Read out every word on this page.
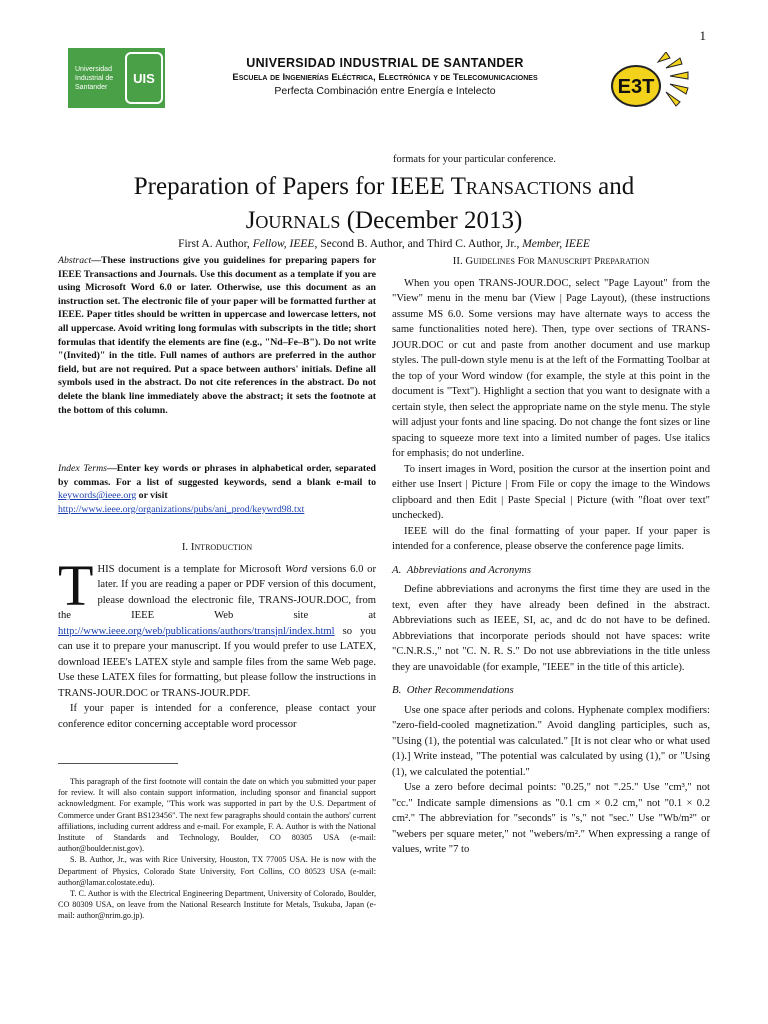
1
Universidad Industrial de Santander
UIS
UNIVERSIDAD INDUSTRIAL DE SANTANDER
Escuela de Ingenierías Eléctrica, Electrónica y de Telecomunicaciones
Perfecta Combinación entre Energía e Intelecto	E3T
formats for your particular conference.
Preparation of Papers for IEEE Transactions and
Journals (December 2013)
First A. Author, Fellow, IEEE, Second B. Author, and Third C. Author, Jr., Member, IEEE
Abstract—These instructions give you guidelines for preparing papers for IEEE Transactions and Journals. Use this document as a template if you are using Microsoft Word 6.0 or later. Otherwise, use this document as an instruction set. The electronic file of your paper will be formatted further at IEEE. Paper titles should be written in uppercase and lowercase letters, not all uppercase. Avoid writing long formulas with subscripts in the title; short formulas that identify the elements are fine (e.g., "Nd–Fe–B"). Do not write "(Invited)" in the title. Full names of authors are preferred in the author field, but are not required. Put a space between authors' initials. Define all symbols used in the abstract. Do not cite references in the abstract. Do not delete the blank line immediately above the abstract; it sets the footnote at the bottom of this column.
Index Terms—Enter key words or phrases in alphabetical order, separated by commas. For a list of suggested keywords, send a blank e-mail to keywords@ieee.org or visit
http://www.ieee.org/organizations/pubs/ani_prod/keywrd98.txt
I. Introduction

THIS document is a template for Microsoft Word versions 6.0 or later. If you are reading a paper or PDF version of this document, please download the electronic file, TRANS-JOUR.DOC, from the IEEE Web site at http://www.ieee.org/web/publications/authors/transjnl/index.html so you can use it to prepare your manuscript. If you would prefer to use LATEX, download IEEE's LATEX style and sample files from the same Web page. Use these LATEX files for formatting, but please follow the instructions in TRANS-JOUR.DOC or TRANS-JOUR.PDF.

If your paper is intended for a conference, please contact your conference editor concerning acceptable word processor

This paragraph of the first footnote will contain the date on which you submitted your paper for review. It will also contain support information, including sponsor and financial support acknowledgment. For example, "This work was supported in part by the U.S. Department of Commerce under Grant BS123456". The next few paragraphs should contain the authors' current affiliations, including current address and e-mail. For example, F. A. Author is with the National Institute of Standards and Technology, Boulder, CO 80305 USA (e-mail: author@boulder.nist.gov).

S. B. Author, Jr., was with Rice University, Houston, TX 77005 USA. He is now with the Department of Physics, Colorado State University, Fort Collins, CO 80523 USA (e-mail: author@lamar.colostate.edu).

T. C. Author is with the Electrical Engineering Department, University of Colorado, Boulder, CO 80309 USA, on leave from the National Research Institute for Metals, Tsukuba, Japan (e-mail: author@nrim.go.jp).

II. Guidelines For Manuscript Preparation

When you open TRANS-JOUR.DOC, select "Page Layout" from the "View" menu in the menu bar (View | Page Layout), (these instructions assume MS 6.0. Some versions may have alternate ways to access the same functionalities noted here). Then, type over sections of TRANS-JOUR.DOC or cut and paste from another document and use markup styles. The pull-down style menu is at the left of the Formatting Toolbar at the top of your Word window (for example, the style at this point in the document is "Text"). Highlight a section that you want to designate with a certain style, then select the appropriate name on the style menu. The style will adjust your fonts and line spacing. Do not change the font sizes or line spacing to squeeze more text into a limited number of pages. Use italics for emphasis; do not underline.

To insert images in Word, position the cursor at the insertion point and either use Insert | Picture | From File or copy the image to the Windows clipboard and then Edit | Paste Special | Picture (with "float over text" unchecked).

IEEE will do the final formatting of your paper. If your paper is intended for a conference, please observe the conference page limits.

A. Abbreviations and Acronyms

Define abbreviations and acronyms the first time they are used in the text, even after they have already been defined in the abstract. Abbreviations such as IEEE, SI, ac, and dc do not have to be defined. Abbreviations that incorporate periods should not have spaces: write "C.N.R.S.," not "C. N. R. S." Do not use abbreviations in the title unless they are unavoidable (for example, "IEEE" in the title of this article).

B. Other Recommendations

Use one space after periods and colons. Hyphenate complex modifiers: "zero-field-cooled magnetization." Avoid dangling participles, such as, "Using (1), the potential was calculated." [It is not clear who or what used (1).] Write instead, "The potential was calculated by using (1)," or "Using (1), we calculated the potential."

Use a zero before decimal points: "0.25," not ".25." Use "cm³," not "cc." Indicate sample dimensions as "0.1 cm × 0.2 cm," not "0.1 × 0.2 cm²." The abbreviation for "seconds" is "s," not "sec." Use "Wb/m²" or "webers per square meter," not "webers/m²." When expressing a range of values, write "7 to
